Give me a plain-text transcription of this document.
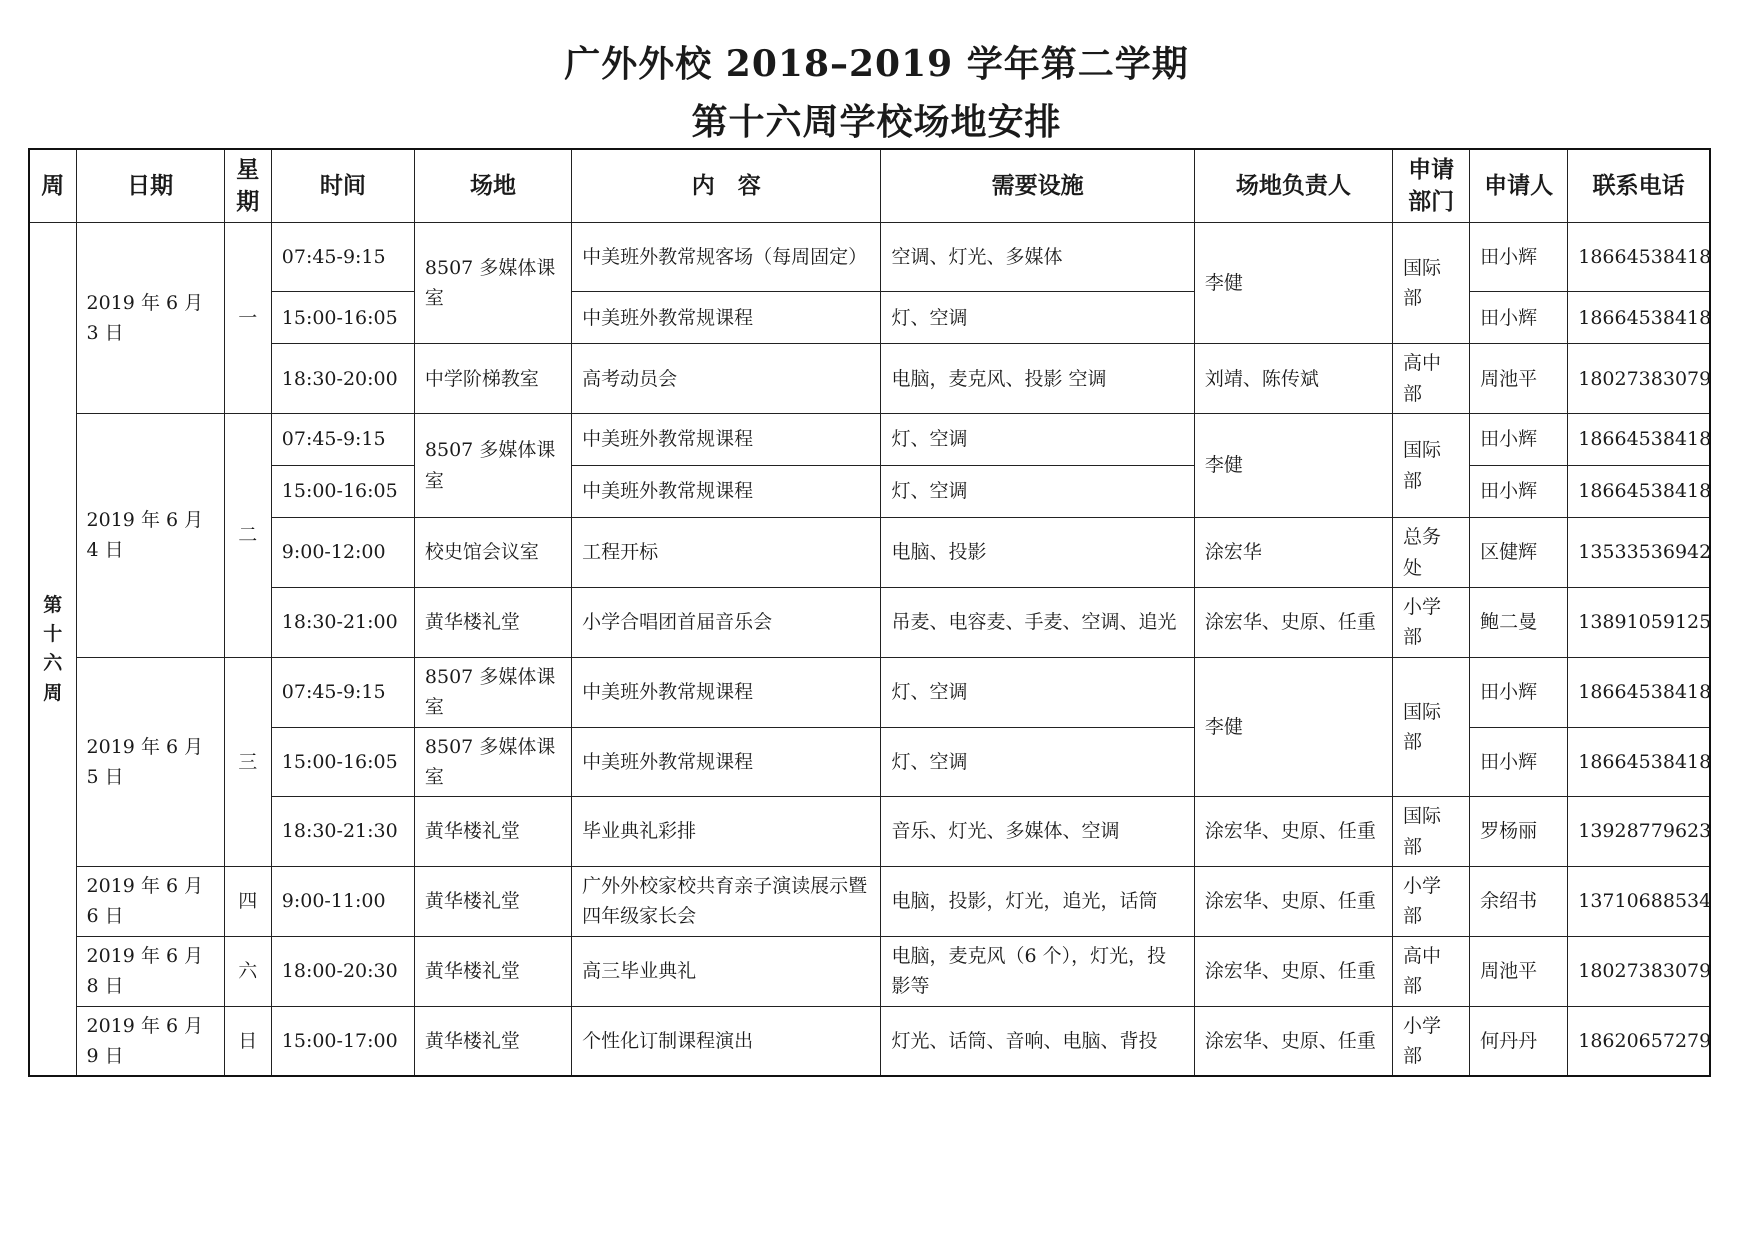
广外外校 2018–2019 学年第二学期
第十六周学校场地安排
周	日期	星期	时间	场地	内　容	需要设施	场地负责人	申请部门	申请人	联系电话
第十六周	2019 年 6 月 3 日	一	07:45-9:15	8507 多媒体课室	中美班外教常规客场（每周固定）	空调、灯光、多媒体	李健	国际部	田小辉	18664538418
			15:00-16:05		中美班外教常规课程	灯、空调			田小辉	18664538418
			18:30-20:00	中学阶梯教室	高考动员会	电脑，麦克风、投影 空调	刘靖、陈传斌	高中部	周池平	18027383079
	2019 年 6 月 4 日	二	07:45-9:15	8507 多媒体课室	中美班外教常规课程	灯、空调	李健	国际部	田小辉	18664538418
			15:00-16:05		中美班外教常规课程	灯、空调			田小辉	18664538418
			9:00-12:00	校史馆会议室	工程开标	电脑、投影	涂宏华	总务处	区健辉	13533536942
			18:30-21:00	黄华楼礼堂	小学合唱团首届音乐会	吊麦、电容麦、手麦、空调、追光	涂宏华、史原、任重	小学部	鲍二曼	13891059125
	2019 年 6 月 5 日	三	07:45-9:15	8507 多媒体课室	中美班外教常规课程	灯、空调	李健	国际部	田小辉	18664538418
			15:00-16:05	8507 多媒体课室	中美班外教常规课程	灯、空调			田小辉	18664538418
			18:30-21:30	黄华楼礼堂	毕业典礼彩排	音乐、灯光、多媒体、空调	涂宏华、史原、任重	国际部	罗杨丽	13928779623
	2019 年 6 月 6 日	四	9:00-11:00	黄华楼礼堂	广外外校家校共育亲子演读展示暨四年级家长会	电脑，投影，灯光，追光，话筒	涂宏华、史原、任重	小学部	余绍书	13710688534
	2019 年 6 月 8 日	六	18:00-20:30	黄华楼礼堂	高三毕业典礼	电脑，麦克风（6 个），灯光，投影等	涂宏华、史原、任重	高中部	周池平	18027383079
	2019 年 6 月 9 日	日	15:00-17:00	黄华楼礼堂	个性化订制课程演出	灯光、话筒、音响、电脑、背投	涂宏华、史原、任重	小学部	何丹丹	18620657279
